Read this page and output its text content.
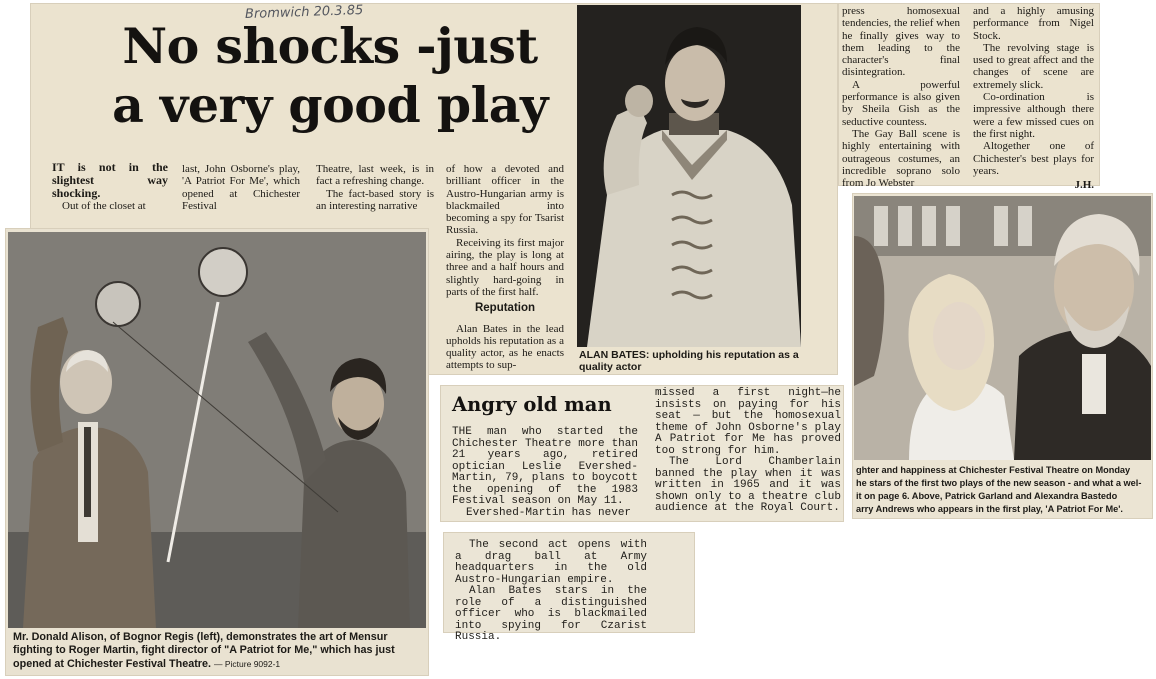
Bromwich 20.3.85
No shocks -just
a very good play

IT is not in the slightest way shocking.

Out of the closet at

last, John Osborne's play, 'A Patriot For Me', which opened at Chichester Festival

Theatre, last week, is in fact a refreshing change.

The fact-based story is an interesting narrative

of how a devoted and brilliant officer in the Austro-Hungarian army is blackmailed into becoming a spy for Tsarist Russia.

Receiving its first major airing, the play is long at three and a half hours and slightly hard-going in parts of the first half.

Reputation

Alan Bates in the lead upholds his reputation as a quality actor, as he enacts attempts to sup-

ALAN BATES: upholding his reputation as a quality actor

press homosexual tendencies, the relief when he finally gives way to them leading to the character's final disintegration.

A powerful performance is also given by Sheila Gish as the seductive countess.

The Gay Ball scene is highly entertaining with outrageous costumes, an incredible soprano solo from Jo Webster

and a highly amusing performance from Nigel Stock.

The revolving stage is used to great affect and the changes of scene are extremely slick.

Co-ordination is impressive although there were a few missed cues on the first night.

Altogether one of Chichester's best plays for years.

J.H.
Mr. Donald Alison, of Bognor Regis (left), demonstrates the art of Mensur fighting to Roger Martin, fight director of "A Patriot for Me," which has just opened at Chichester Festival Theatre. — Picture 9092-1
ghter and happiness at Chichester Festival Theatre on Monday
he stars of the first two plays of the new season - and what a wel-
it on page 6. Above, Patrick Garland and Alexandra Bastedo
arry Andrews who appears in the first play, 'A Patriot For Me'.
Angry old man

THE man who started the Chichester Theatre more than 21 years ago, retired optician Leslie Evershed-Martin, 79, plans to boycott the opening of the 1983 Festival season on May 11.

Evershed-Martin has never

missed a first night—he insists on paying for his seat — but the homosexual theme of John Osborne's play A Patriot for Me has proved too strong for him.

The Lord Chamberlain banned the play when it was written in 1965 and it was shown only to a theatre club audience at the Royal Court.

The second act opens with a drag ball at Army headquarters in the old Austro-Hungarian empire.

Alan Bates stars in the role of a distinguished officer who is blackmailed into spying for Czarist Russia.
